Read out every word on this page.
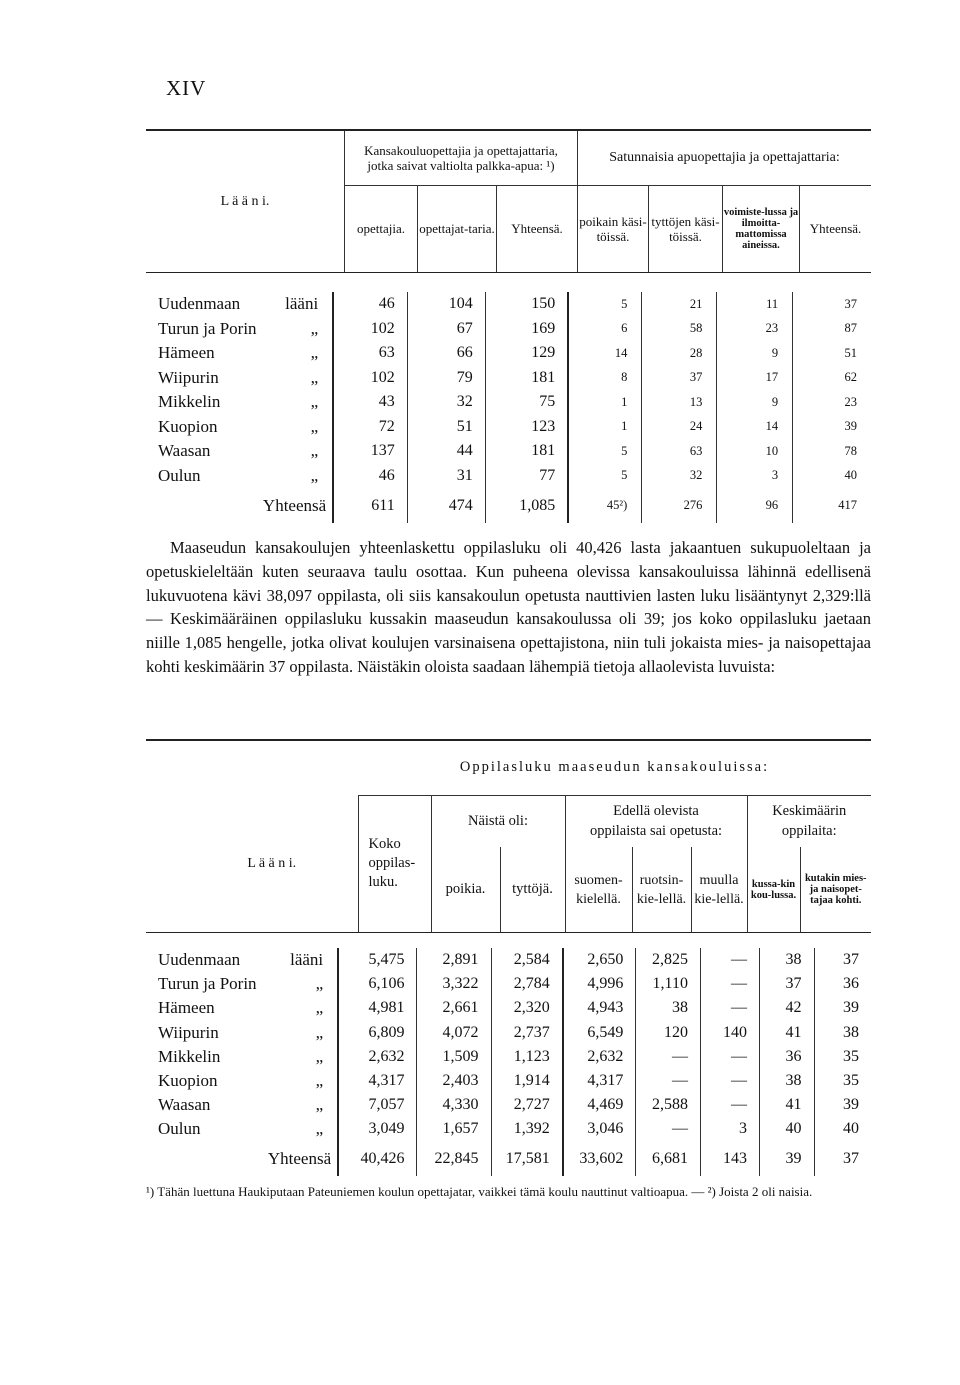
XIV
L ä ä n i.	Kansakouluopettajia ja opettajattaria, jotka saivat valtiolta palkka-apua: ¹)			Satunnaisia apuopettajia ja opettajattaria:			
	opettajia.	opettajat-taria.	Yhteensä.	poikain käsi-töissä.	tyttöjen käsi-töissä.	voimiste-lussa ja ilmoitta-mattomissa aineissa.	Yhteensä.
Uudenmaan lääni	46	104	150	5	21	11	37
Turun ja Porin „	102	67	169	6	58	23	87
Hämeen „	63	66	129	14	28	9	51
Wiipurin „	102	79	181	8	37	17	62
Mikkelin „	43	32	75	1	13	9	23
Kuopion „	72	51	123	1	24	14	39
Waasan „	137	44	181	5	63	10	78
Oulun „	46	31	77	5	32	3	40
Yhteensä	611	474	1,085	45²)	276	96	417

Maaseudun kansakoulujen yhteenlaskettu oppilasluku oli 40,426 lasta jakaantuen sukupuoleltaan ja opetuskieleltään kuten seuraava taulu osottaa. Kun puheena olevissa kansakouluissa lähinnä edellisenä lukuvuotena kävi 38,097 oppilasta, oli siis kansakoulun opetusta nauttivien lasten luku lisääntynyt 2,329:llä — Keskimääräinen oppilasluku kussakin maaseudun kansakoulussa oli 39; jos koko oppilasluku jaetaan niille 1,085 hengelle, jotka olivat koulujen varsinaisena opettajistona, niin tuli jokaista mies- ja naisopettajaa kohti keskimäärin 37 oppilasta. Näistäkin oloista saadaan lähempiä tietoja allaolevista luvuista:

	Oppilasluku maaseudun kansakouluissa:							
L ä ä n i.	Koko oppilas-luku.	Näistä oli:		Edellä olevista oppilaista sai opetusta:			Keskimäärin oppilaita:	
		poikia.	tyttöjä.	suomen-kielellä.	ruotsin-kie-lellä.	muulla kie-lellä.	kussa-kin kou-lussa.	kutakin mies- ja naisopet-tajaa kohti.
Uudenmaan lääni	5,475	2,891	2,584	2,650	2,825	—	38	37
Turun ja Porin „	6,106	3,322	2,784	4,996	1,110	—	37	36
Hämeen „	4,981	2,661	2,320	4,943	38	—	42	39
Wiipurin „	6,809	4,072	2,737	6,549	120	140	41	38
Mikkelin „	2,632	1,509	1,123	2,632	—	—	36	35
Kuopion „	4,317	2,403	1,914	4,317	—	—	38	35
Waasan „	7,057	4,330	2,727	4,469	2,588	—	41	39
Oulun „	3,049	1,657	1,392	3,046	—	3	40	40
Yhteensä	40,426	22,845	17,581	33,602	6,681	143	39	37
¹) Tähän luettuna Haukiputaan Pateuniemen koulun opettajatar, vaikkei tämä koulu nauttinut valtioapua. — ²) Joista 2 oli naisia.
